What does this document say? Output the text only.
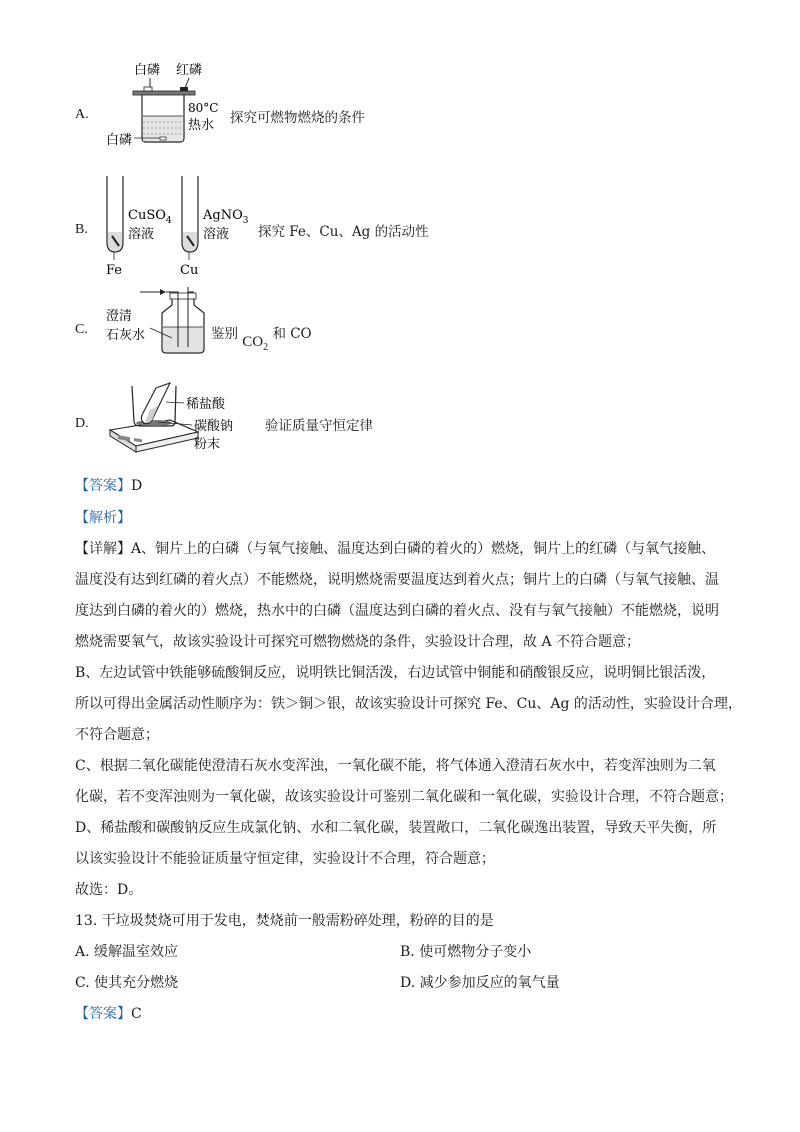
A.
白磷 红磷
80°C
热水
白磷
探究可燃物燃烧的条件
B.
Fe
CuSO$_4$
溶液
Cu
AgNO$_3$
溶液 探究 Fe、Cu、Ag 的活动性
C.
澄清
石灰水	鉴别 $CO_2$ 和 CO
D.
稀盐酸
碳酸钠
粉末
验证质量守恒定律
【答案】D
【解析】
【详解】A、铜片上的白磷（与氧气接触、温度达到白磷的着火的）燃烧，铜片上的红磷（与氧气接触、
温度没有达到红磷的着火点）不能燃烧，说明燃烧需要温度达到着火点；铜片上的白磷（与氧气接触、温
度达到白磷的着火的）燃烧，热水中的白磷（温度达到白磷的着火点、没有与氧气接触）不能燃烧，说明
燃烧需要氧气，故该实验设计可探究可燃物燃烧的条件，实验设计合理，故 A 不符合题意；
B、左边试管中铁能够硫酸铜反应，说明铁比铜活泼，右边试管中铜能和硝酸银反应，说明铜比银活泼，
所以可得出金属活动性顺序为：铁＞铜＞银，故该实验设计可探究 Fe、Cu、Ag 的活动性，实验设计合理，
不符合题意；
C、根据二氧化碳能使澄清石灰水变浑浊，一氧化碳不能，将气体通入澄清石灰水中，若变浑浊则为二氧
化碳，若不变浑浊则为一氧化碳，故该实验设计可鉴别二氧化碳和一氧化碳，实验设计合理，不符合题意；
D、稀盐酸和碳酸钠反应生成氯化钠、水和二氧化碳，装置敞口，二氧化碳逸出装置，导致天平失衡，所
以该实验设计不能验证质量守恒定律，实验设计不合理，符合题意；
故选：D。
13. 干垃圾焚烧可用于发电，焚烧前一般需粉碎处理，粉碎的目的是
A. 缓解温室效应	B. 使可燃物分子变小
C. 使其充分燃烧	D. 减少参加反应的氧气量
【答案】C
